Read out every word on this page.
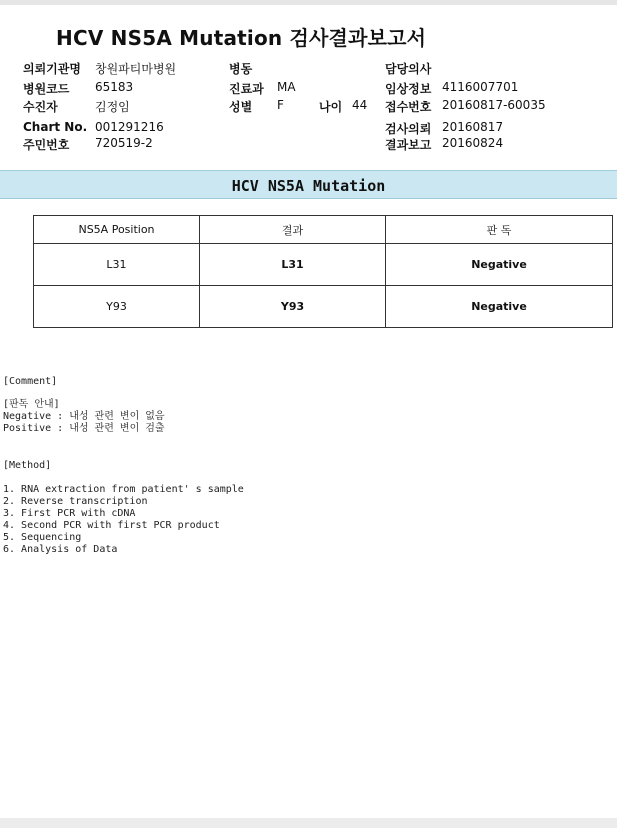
HCV NS5A Mutation 검사결과보고서
의뢰기관명 창원파티마병원
병원코드 65183
수진자	김정임
Chart No. 001291216
주민번호 720519-2
병동
진료과 MA
성별 F	나이 44
담당의사
임상정보 4116007701
접수번호 20160817-60035
검사의뢰 20160817
결과보고 20160824
HCV NS5A Mutation
NS5A Position	결과	판 독
L31	L31	Negative
Y93	Y93	Negative
[Comment]
[판독 안내]
Negative : 내성 관련 변이 없음
Positive : 내성 관련 변이 검출
[Method]
1. RNA extraction from patient' s sample
2. Reverse transcription
3. First PCR with cDNA
4. Second PCR with first PCR product
5. Sequencing
6. Analysis of Data
